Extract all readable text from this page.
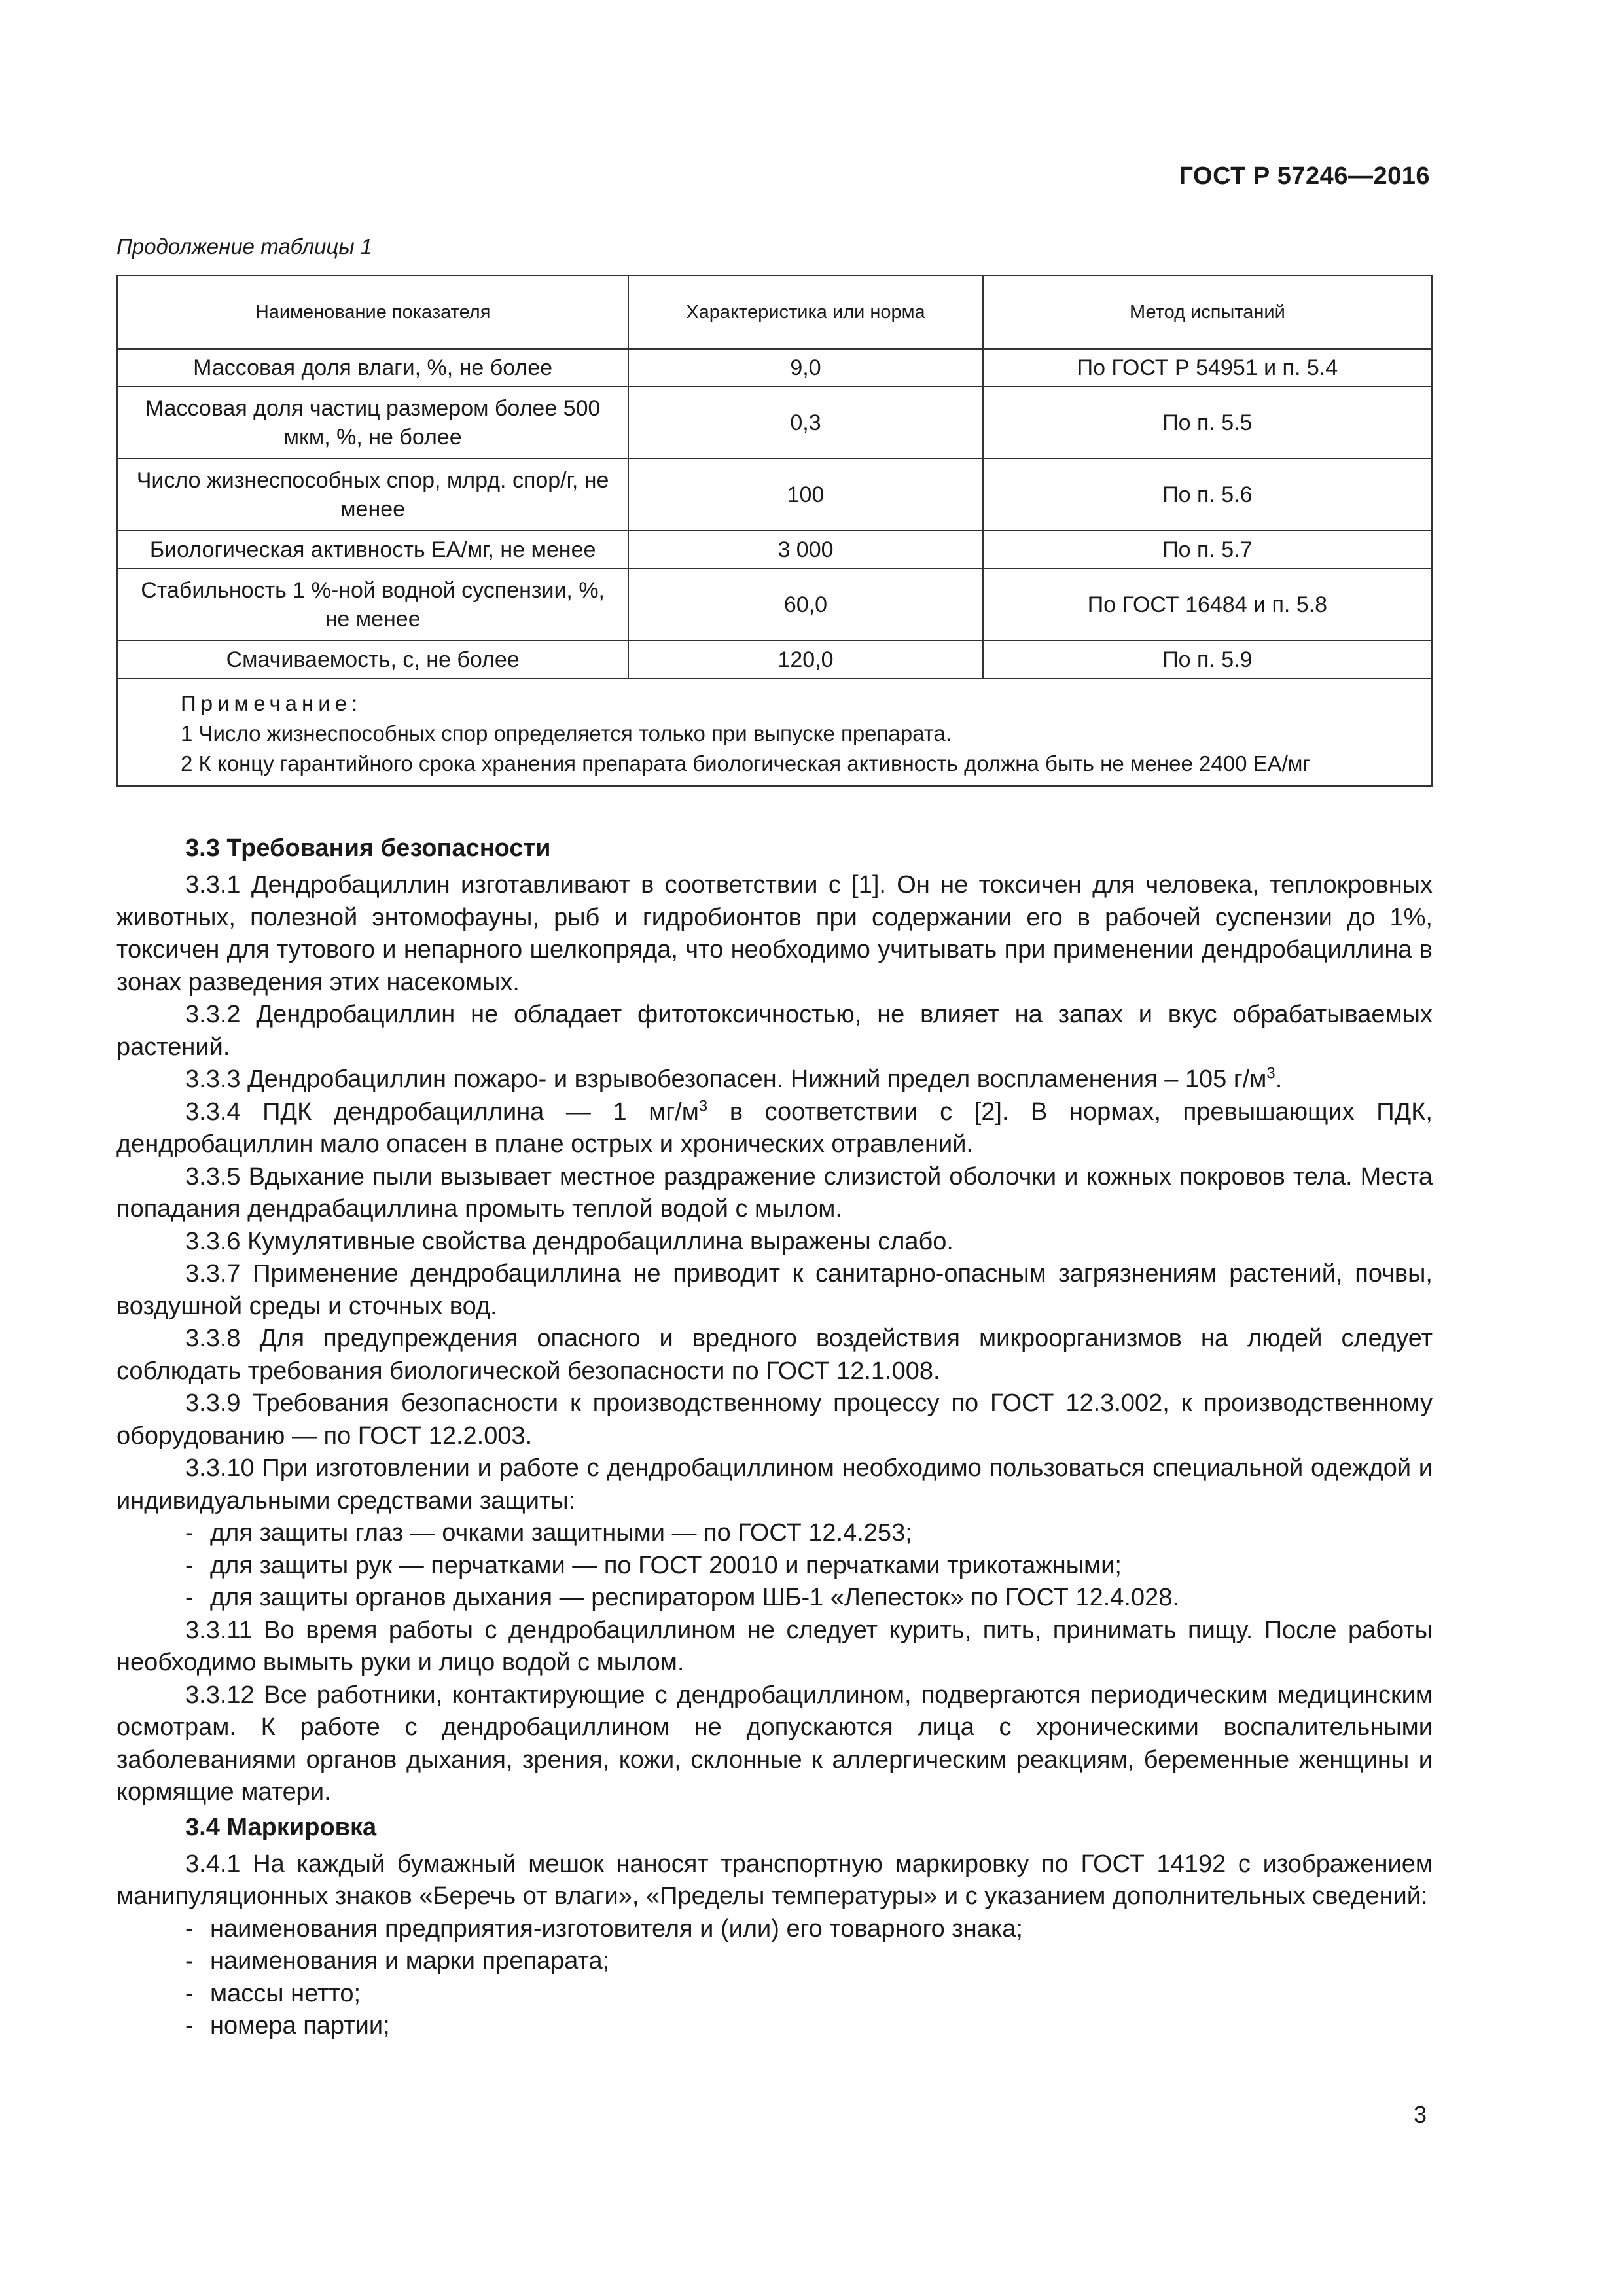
ГОСТ Р 57246—2016
Продолжение таблицы 1
Наименование показателя	Характеристика или норма	Метод испытаний
Массовая доля влаги, %, не более	9,0	По ГОСТ Р 54951 и п. 5.4
Массовая доля частиц размером более 500 мкм, %, не более	0,3	По п. 5.5
Число жизнеспособных спор, млрд. спор/г, не менее	100	По п. 5.6
Биологическая активность ЕА/мг, не менее	3 000	По п. 5.7
Стабильность 1 %-ной водной суспензии, %, не менее	60,0	По ГОСТ 16484 и п. 5.8
Смачиваемость, с, не более	120,0	По п. 5.9

Примечание:

1 Число жизнеспособных спор определяется только при выпуске препарата.

2 К концу гарантийного срока хранения препарата биологическая активность должна быть не менее 2400 ЕА/мг		

3.3 Требования безопасности

3.3.1 Дендробациллин изготавливают в соответствии с [1]. Он не токсичен для человека, теплокровных животных, полезной энтомофауны, рыб и гидробионтов при содержании его в рабочей суспензии до 1%, токсичен для тутового и непарного шелкопряда, что необходимо учитывать при применении дендробациллина в зонах разведения этих насекомых.

3.3.2 Дендробациллин не обладает фитотоксичностью, не влияет на запах и вкус обрабатываемых растений.

3.3.3 Дендробациллин пожаро- и взрывобезопасен. Нижний предел воспламенения – 105 $г/м^3$.

3.3.4 ПДК дендробациллина — 1 $мг/м^3$ в соответствии с [2]. В нормах, превышающих ПДК, дендробациллин мало опасен в плане острых и хронических отравлений.

3.3.5 Вдыхание пыли вызывает местное раздражение слизистой оболочки и кожных покровов тела. Места попадания дендрабациллина промыть теплой водой с мылом.

3.3.6 Кумулятивные свойства дендробациллина выражены слабо.

3.3.7 Применение дендробациллина не приводит к санитарно-опасным загрязнениям растений, почвы, воздушной среды и сточных вод.

3.3.8 Для предупреждения опасного и вредного воздействия микроорганизмов на людей следует соблюдать требования биологической безопасности по ГОСТ 12.1.008.

3.3.9 Требования безопасности к производственному процессу по ГОСТ 12.3.002, к производственному оборудованию — по ГОСТ 12.2.003.

3.3.10 При изготовлении и работе с дендробациллином необходимо пользоваться специальной одеждой и индивидуальными средствами защиты:

- для защиты глаз — очками защитными — по ГОСТ 12.4.253;

- для защиты рук — перчатками — по ГОСТ 20010 и перчатками трикотажными;

- для защиты органов дыхания — респиратором ШБ-1 «Лепесток» по ГОСТ 12.4.028.

3.3.11 Во время работы с дендробациллином не следует курить, пить, принимать пищу. После работы необходимо вымыть руки и лицо водой с мылом.

3.3.12 Все работники, контактирующие с дендробациллином, подвергаются периодическим медицинским осмотрам. К работе с дендробациллином не допускаются лица с хроническими воспалительными заболеваниями органов дыхания, зрения, кожи, склонные к аллергическим реакциям, беременные женщины и кормящие матери.

3.4 Маркировка

3.4.1 На каждый бумажный мешок наносят транспортную маркировку по ГОСТ 14192 с изображением манипуляционных знаков «Беречь от влаги», «Пределы температуры» и с указанием дополнительных сведений:

- наименования предприятия-изготовителя и (или) его товарного знака;

- наименования и марки препарата;

- массы нетто;

- номера партии;

3
